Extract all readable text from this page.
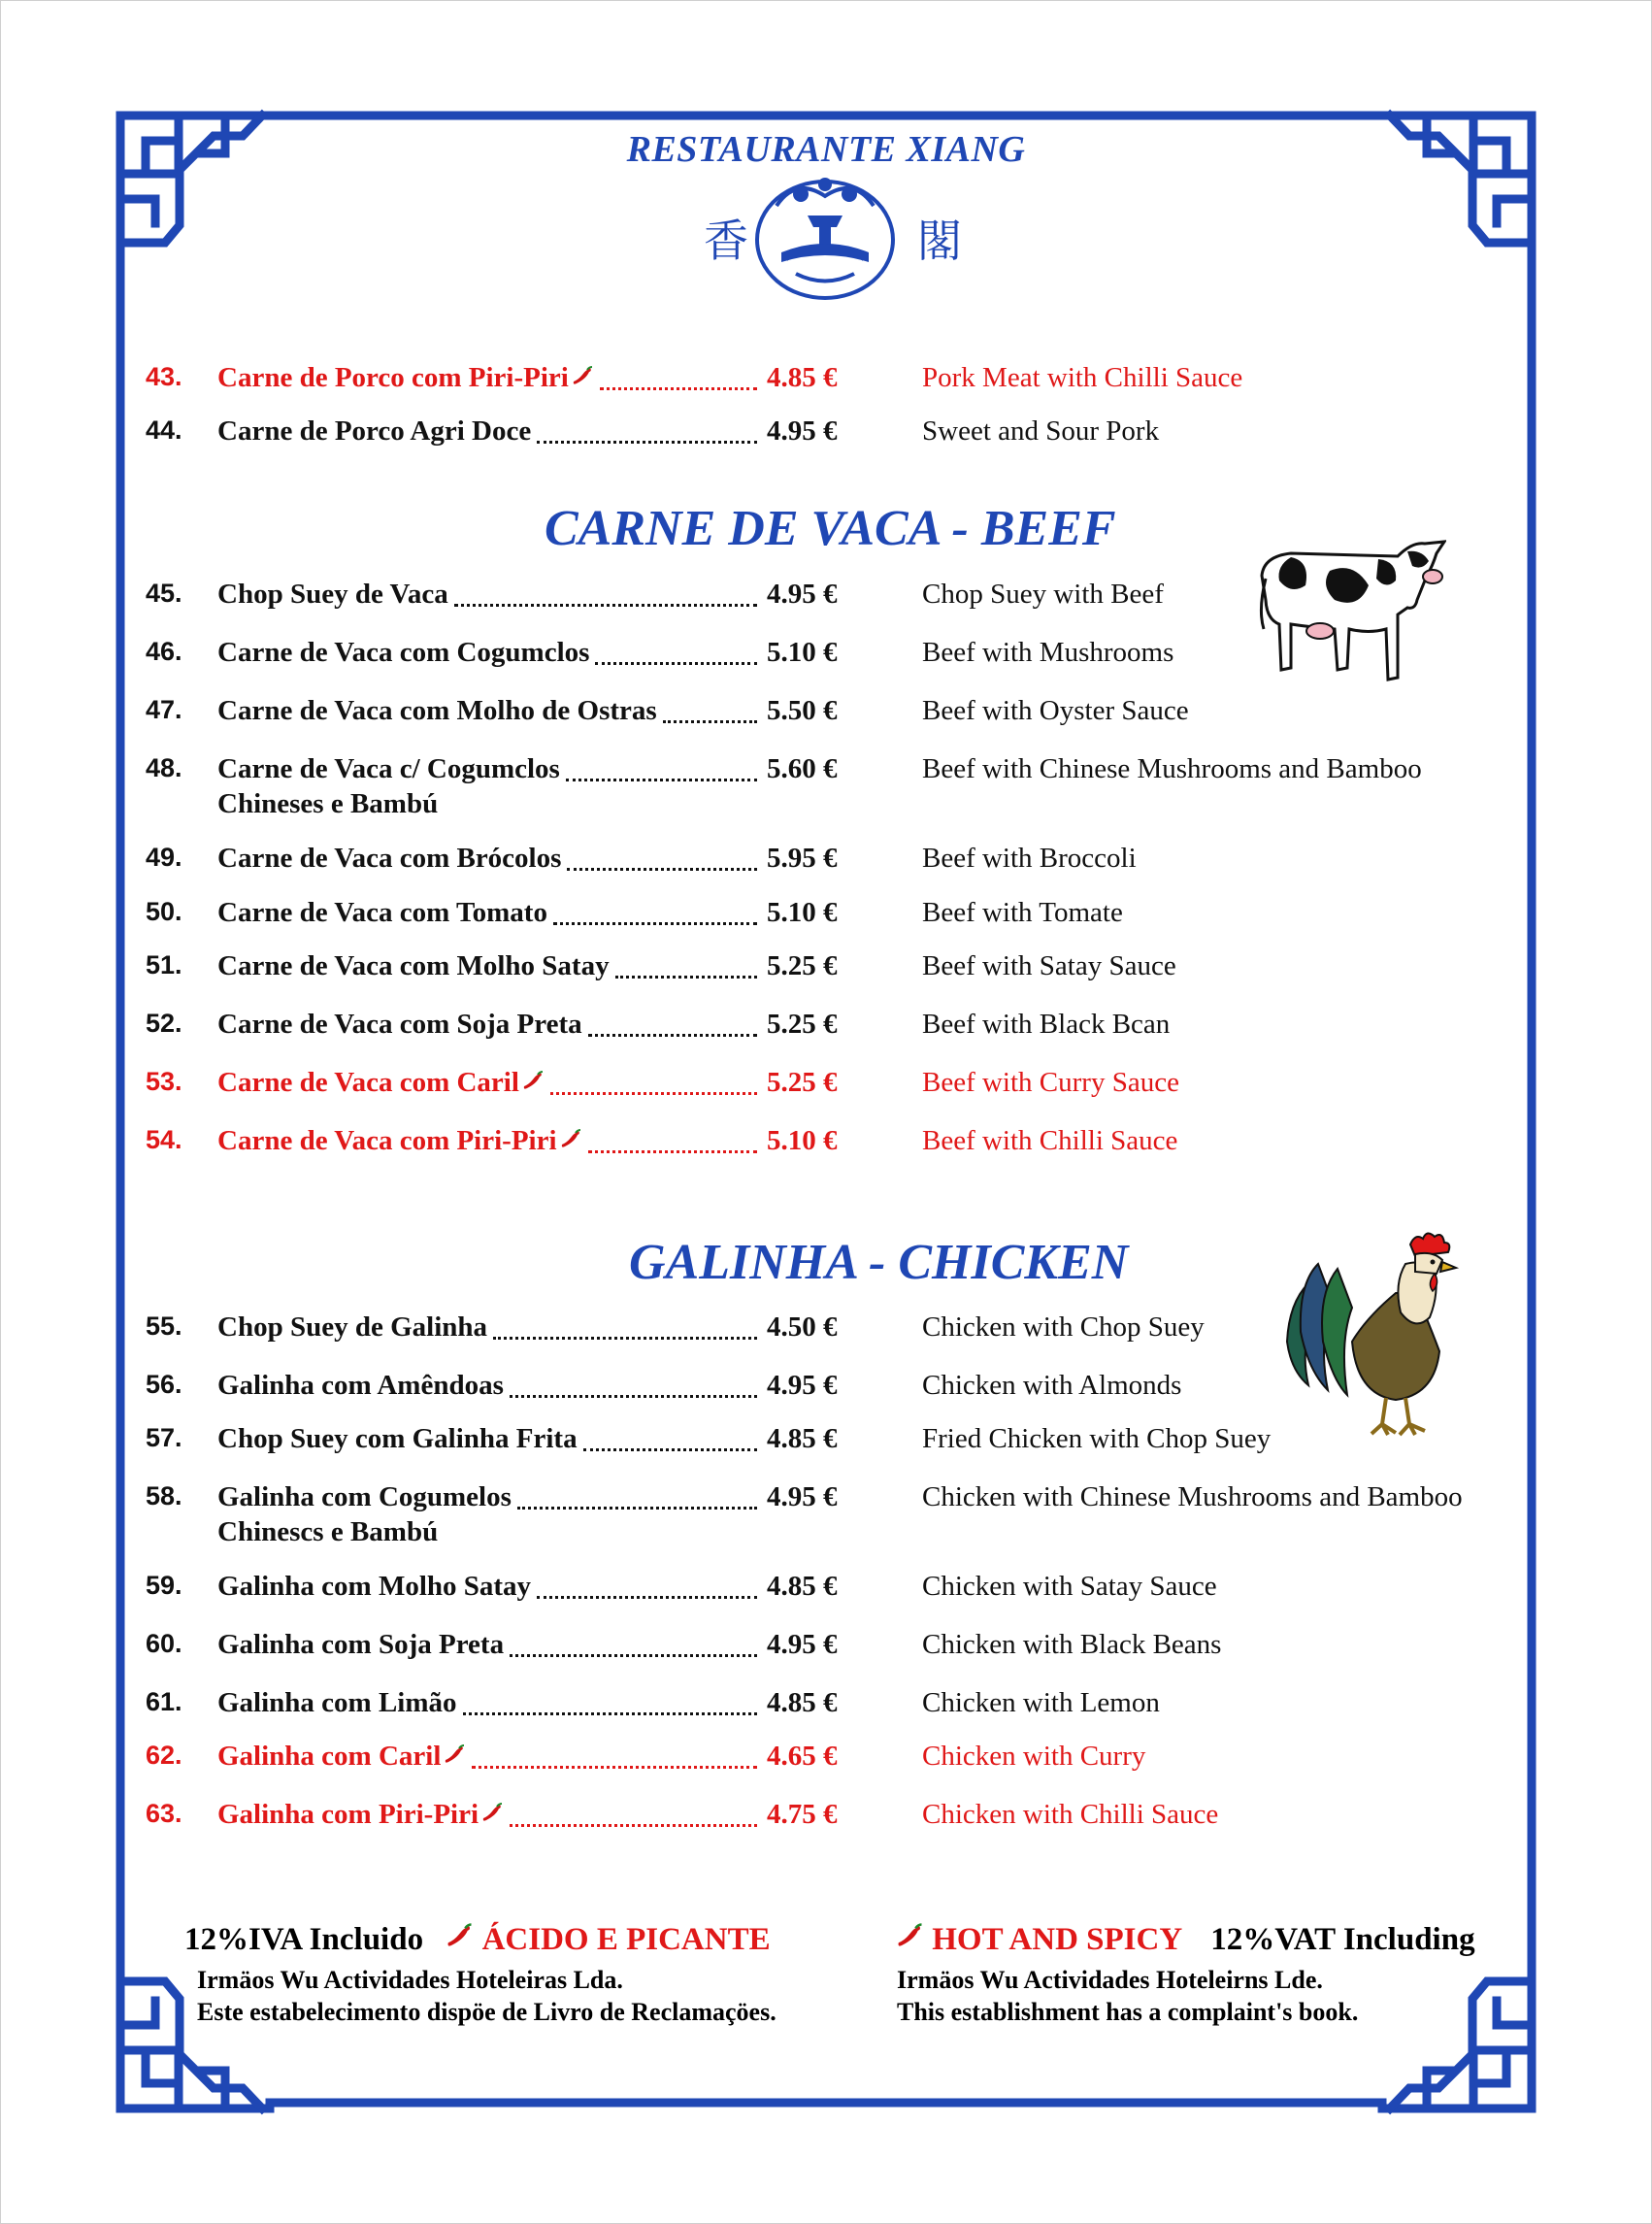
RESTAURANTE XIANG
香	閣
43. Carne de Porco com Piri-Piri	4.85 €	Pork Meat with Chilli Sauce
44. Carne de Porco Agri Doce	4.95 €	Sweet and Sour Pork
45. Chop Suey de Vaca	4.95 €	Chop Suey with Beef
46. Carne de Vaca com Cogumclos	5.10 €	Beef with Mushrooms
47. Carne de Vaca com Molho de Ostras	5.50 €	Beef with Oyster Sauce
48. Carne de Vaca c/ Cogumclos
Chineses e Bambú
5.60 €	Beef with Chinese Mushrooms and Bamboo
49. Carne de Vaca com Brócolos	5.95 €	Beef with Broccoli
50. Carne de Vaca com Tomato	5.10 €	Beef with Tomate
51. Carne de Vaca com Molho Satay	5.25 €	Beef with Satay Sauce
52. Carne de Vaca com Soja Preta	5.25 €	Beef with Black Bcan
53. Carne de Vaca com Caril	5.25 €	Beef with Curry Sauce
54. Carne de Vaca com Piri-Piri	5.10 €	Beef with Chilli Sauce
55. Chop Suey de Galinha	4.50 €	Chicken with Chop Suey
56. Galinha com Amêndoas	4.95 €	Chicken with Almonds
57. Chop Suey com Galinha Frita	4.85 €	Fried Chicken with Chop Suey
58. Galinha com Cogumelos
Chinescs e Bambú
4.95 €	Chicken with Chinese Mushrooms and Bamboo
59. Galinha com Molho Satay	4.85 €	Chicken with Satay Sauce
60. Galinha com Soja Preta	4.95 €	Chicken with Black Beans
61. Galinha com Limão	4.85 €	Chicken with Lemon
62. Galinha com Caril	4.65 €	Chicken with Curry
63. Galinha com Piri-Piri	4.75 €	Chicken with Chilli Sauce
CARNE DE VACA - BEEF
GALINHA - CHICKEN
12%IVA Incluido ÁCIDO E PICANTE
Irmäos Wu Actividades Hoteleiras Lda.
Este estabelecimento dispöe de Livro de Reclamaçöes.
HOT AND SPICY 12%VAT Including
Irmäos Wu Actividades Hoteleirns Lde.
This establishment has a complaint's book.
